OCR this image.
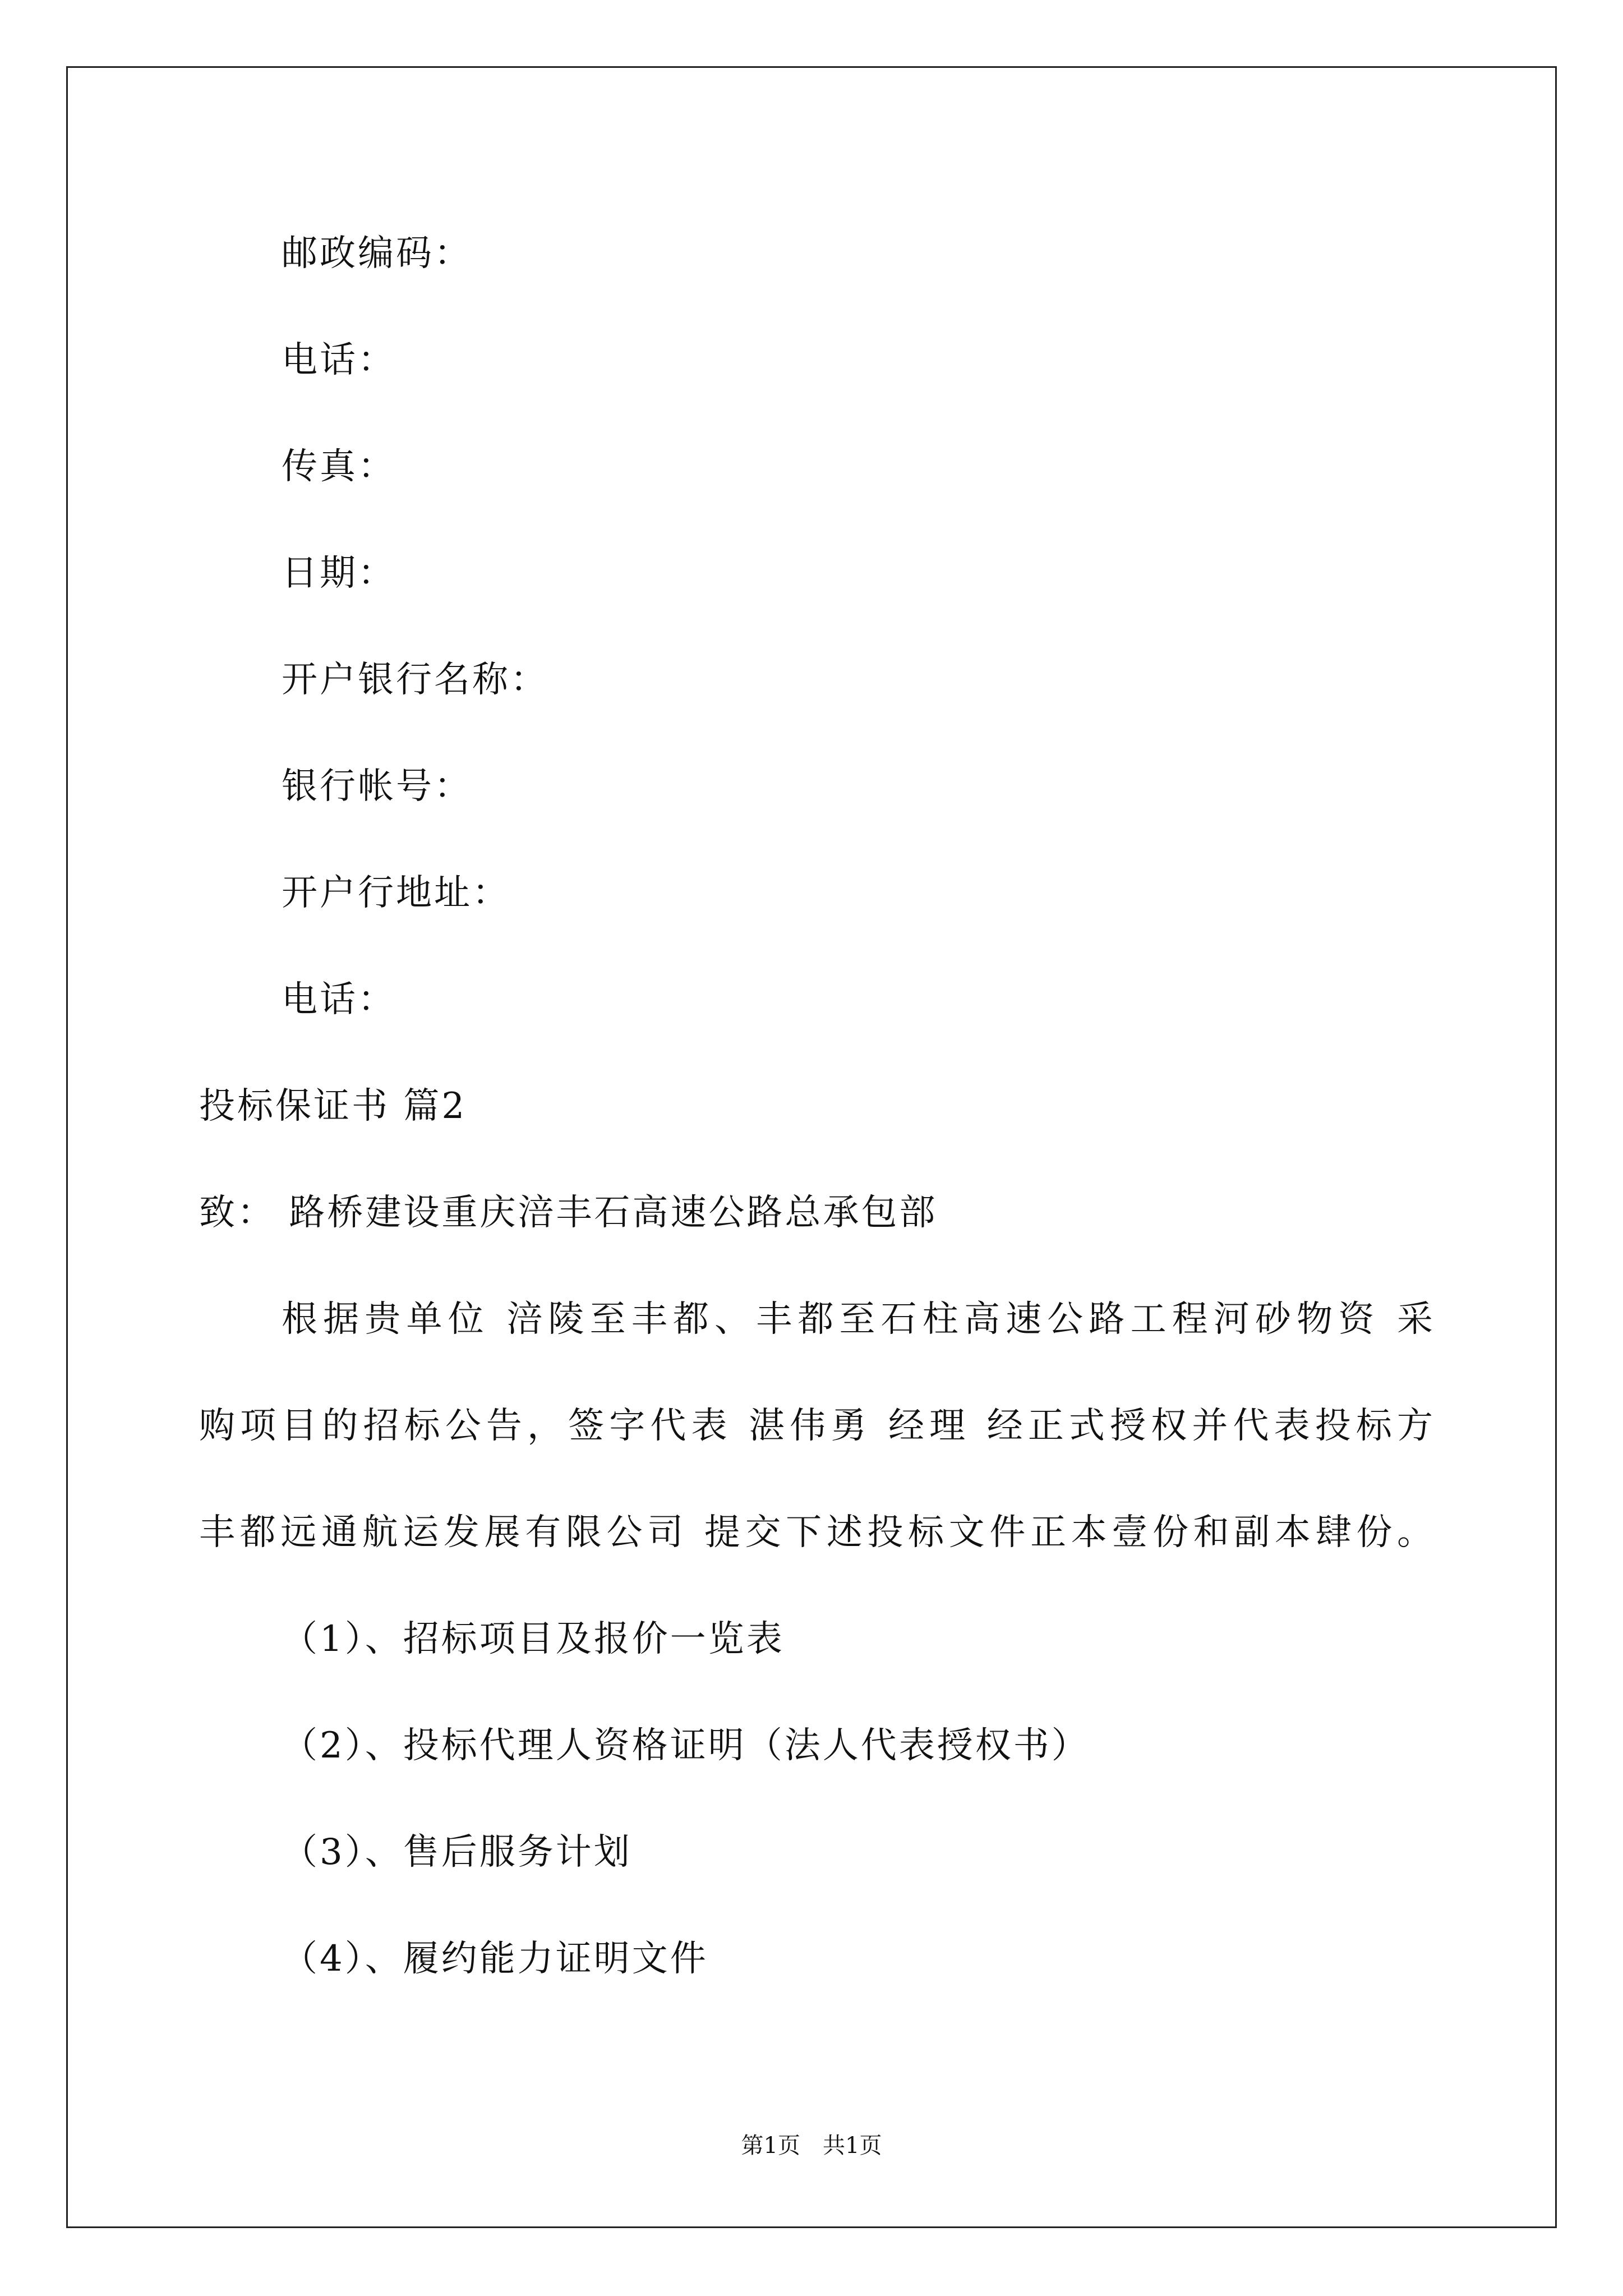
邮政编码：
电话：
传真：
日期：
开户银行名称：
银行帐号：
开户行地址：
电话：
投标保证书 篇2
致： 路桥建设重庆涪丰石高速公路总承包部
根据贵单位 涪陵至丰都、丰都至石柱高速公路工程河砂物资 采
购项目的招标公告，签字代表 湛伟勇 经理 经正式授权并代表投标方
丰都远通航运发展有限公司 提交下述投标文件正本壹份和副本肆份。
（1）、招标项目及报价一览表
（2）、投标代理人资格证明（法人代表授权书）
（3）、售后服务计划
（4）、履约能力证明文件
第1页　共1页
